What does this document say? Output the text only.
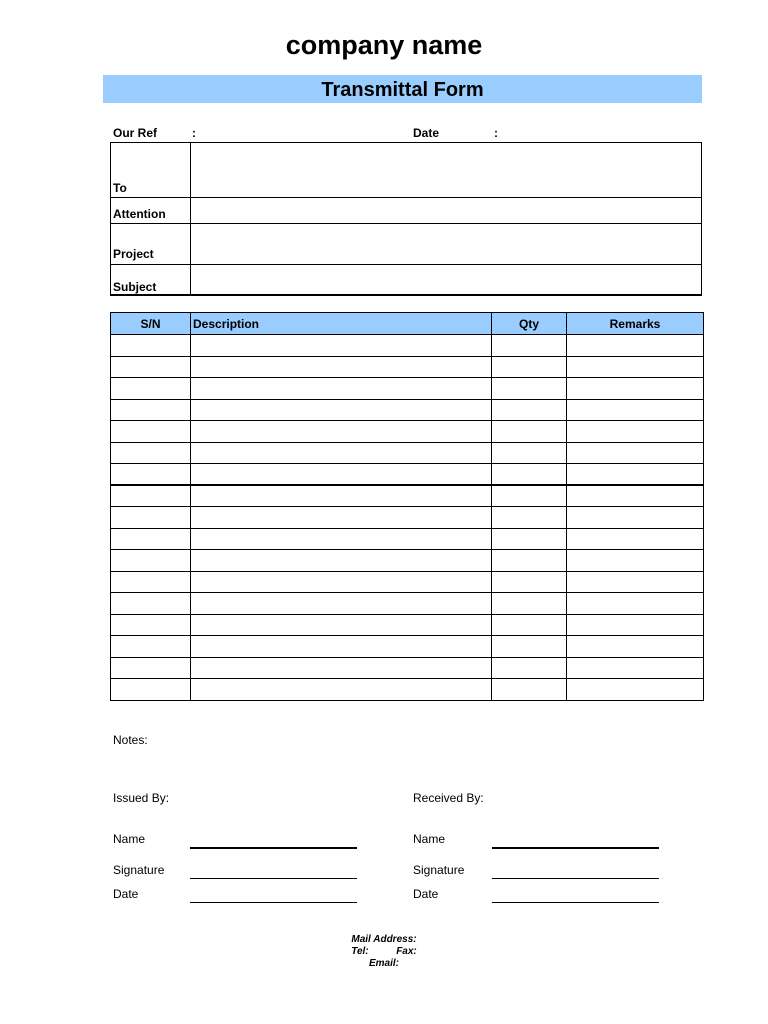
company name
Transmittal Form
Our Ref	:	Date	:
To
Attention
Project
Subject
S/N	Description	Qty	Remarks

Notes:
Issued By:
Name
Signature
Date
Received By:
Name
Signature
Date
Mail Address:
Tel:	Fax:
Email:
